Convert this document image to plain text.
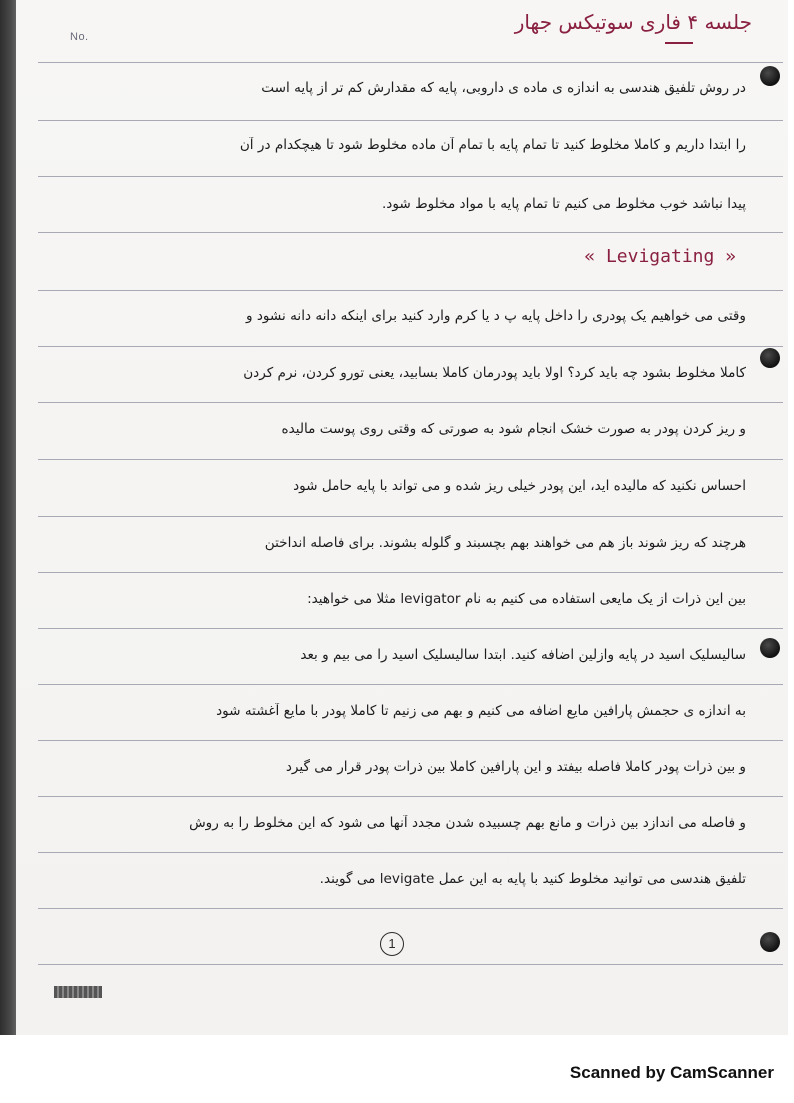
No.
جلسه ۴ فاری سوتیکس جهار
در روش تلفیق هندسی به اندازه ی ماده ی داروبی، پایه که مقدارش کم تر از پایه است
را ابتدا داریم و کاملا مخلوط کنید تا تمام پایه با تمام آن ماده مخلوط شود تا هیچکدام در آن
پیدا نباشد خوب مخلوط می کنیم تا تمام پایه با مواد مخلوط شود.
« Levigating »
وقتی می خواهیم یک پودری را داخل پایه پ د یا کرم وارد کنید برای اینکه دانه دانه نشود و
کاملا مخلوط بشود چه باید کرد؟ اولا باید پودرمان کاملا بسابید، یعنی تورو کردن، نرم کردن
و ریز کردن پودر به صورت خشک انجام شود به صورتی که وقتی روی پوست مالیده
احساس نکنید که مالیده اید، این پودر خیلی ریز شده و می تواند با پایه حامل شود
هرچند که ریز شوند باز هم می خواهند بهم بچسبند و گلوله بشوند. برای فاصله انداختن
بین این ذرات از یک مایعی استفاده می کنیم به نام levigator مثلا می خواهید:
سالیسلیک اسید در پایه وازلین اضافه کنید. ابتدا سالیسلیک اسید را می بیم و بعد
به اندازه ی حجمش پارافین مایع اضافه می کنیم و بهم می زنیم تا کاملا پودر با مایع آغشته شود
و بین ذرات پودر کاملا فاصله بیفتد و این پارافین کاملا بین ذرات پودر قرار می گیرد
و فاصله می اندازد بین ذرات و مانع بهم چسبیده شدن مجدد آنها می شود که این مخلوط را به روش
تلفیق هندسی می توانید مخلوط کنید با پایه به این عمل levigate می گویند.
1
Scanned by CamScanner
